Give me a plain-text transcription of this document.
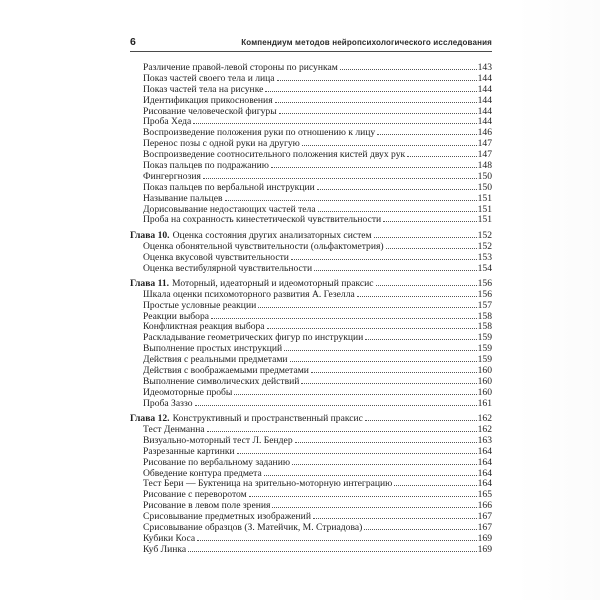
6	Компендиум методов нейропсихологического исследования
Различение правой-левой стороны по рисункам	143
Показ частей своего тела и лица	144
Показ частей тела на рисунке	144
Идентификация прикосновения	144
Рисование человеческой фигуры	144
Проба Хеда	144
Воспроизведение положения руки по отношению к лицу	146
Перенос позы с одной руки на другую	147
Воспроизведение соотносительного положения кистей двух рук	147
Показ пальцев по подражанию	148
Фингергнозия	150
Показ пальцев по вербальной инструкции	150
Называние пальцев	151
Дорисовывание недостающих частей тела	151
Проба на сохранность кинестетической чувствительности	151
Глава 10. Оценка состояния других анализаторных систем	152
Оценка обонятельной чувствительности (ольфактометрия)	152
Оценка вкусовой чувствительности	153
Оценка вестибулярной чувствительности	154
Глава 11. Моторный, идеаторный и идеомоторный праксис	156
Шкала оценки психомоторного развития А. Гезелла	156
Простые условные реакции	157
Реакции выбора	158
Конфликтная реакция выбора	158
Раскладывание геометрических фигур по инструкции	159
Выполнение простых инструкций	159
Действия с реальными предметами	159
Действия с воображаемыми предметами	160
Выполнение символических действий	160
Идеомоторные пробы	160
Проба Заззо	161
Глава 12. Конструктивный и пространственный праксис	162
Тест Денманна	162
Визуально-моторный тест Л. Бендер	163
Разрезанные картинки	164
Рисование по вербальному заданию	164
Обведение контура предмета	164
Тест Бери — Буктеница на зрительно-моторную интеграцию	164
Рисование с переворотом	165
Рисование в левом поле зрения	166
Срисовывание предметных изображений	167
Срисовывание образцов (З. Матейчик, М. Стриадова)	167
Кубики Коса	169
Куб Линка	169
